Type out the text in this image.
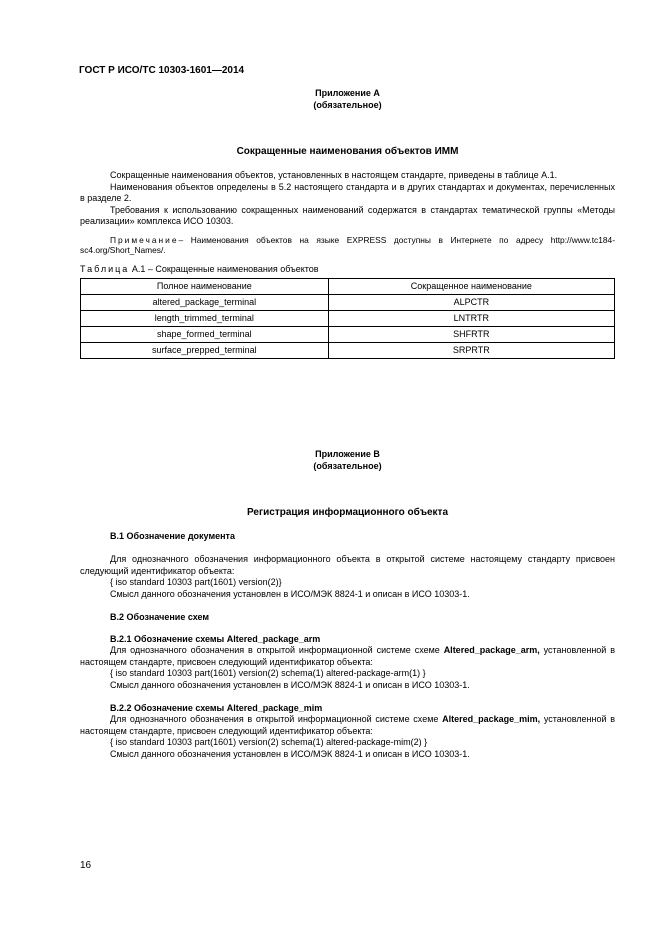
ГОСТ Р ИСО/ТС 10303-1601—2014
Приложение А
(обязательное)
Сокращенные наименования объектов ИММ

Сокращенные наименования объектов, установленных в настоящем стандарте, приведены в таблице А.1.

Наименования объектов определены в 5.2 настоящего стандарта и в других стандартах и документах, перечисленных в разделе 2.

Требования к использованию сокращенных наименований содержатся в стандартах тематической группы «Методы реализации» комплекса ИСО 10303.

Примечание– Наименования объектов на языке EXPRESS доступны в Интернете по адресу http://www.tc184-sc4.org/Short_Names/.

Таблица А.1 – Сокращенные наименования объектов
Полное наименование	Сокращенное наименование
altered_package_terminal	ALPCTR
length_trimmed_terminal	LNTRTR
shape_formed_terminal	SHFRTR
surface_prepped_terminal	SRPRTR
Приложение В
(обязательное)
Регистрация информационного объекта
В.1 Обозначение документа

Для однозначного обозначения информационного объекта в открытой системе настоящему стандарту присвоен следующий идентификатор объекта:

{ iso standard 10303 part(1601) version(2)}

Смысл данного обозначения установлен в ИСО/МЭК 8824-1 и описан в ИСО 10303-1.

В.2 Обозначение схем
В.2.1 Обозначение схемы Altered_package_arm

Для однозначного обозначения в открытой информационной системе схеме Altered_package_arm, установленной в настоящем стандарте, присвоен следующий идентификатор объекта:

{ iso standard 10303 part(1601) version(2) schema(1) altered-package-arm(1) }

Смысл данного обозначения установлен в ИСО/МЭК 8824-1 и описан в ИСО 10303-1.

В.2.2 Обозначение схемы Altered_package_mim

Для однозначного обозначения в открытой информационной системе схеме Altered_package_mim, установленной в настоящем стандарте, присвоен следующий идентификатор объекта:

{ iso standard 10303 part(1601) version(2) schema(1) altered-package-mim(2) }

Смысл данного обозначения установлен в ИСО/МЭК 8824-1 и описан в ИСО 10303-1.

16
